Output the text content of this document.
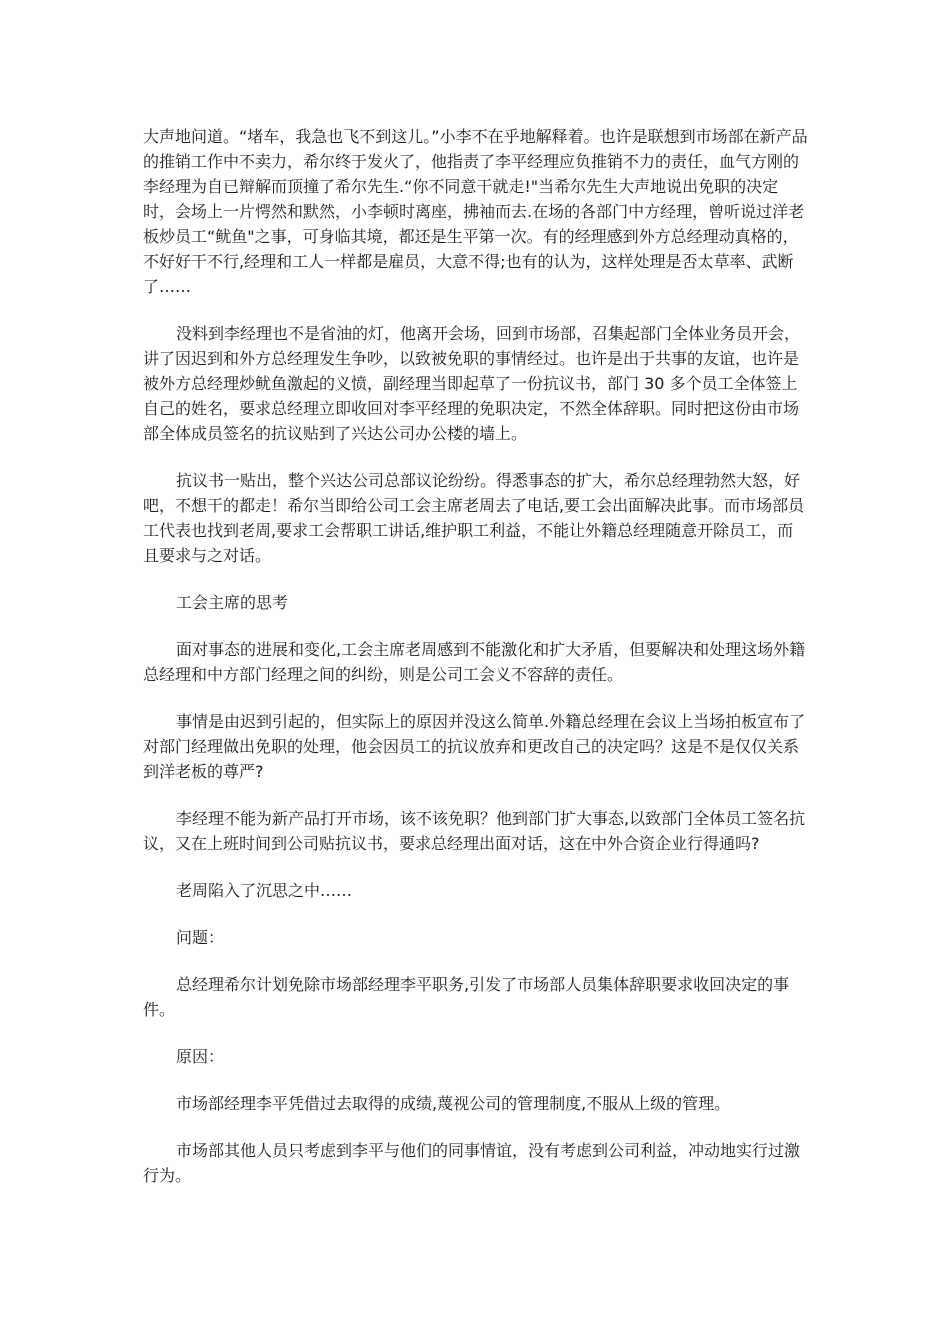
大声地问道。“堵车，我急也飞不到这儿。”小李不在乎地解释着。也许是联想到市场部在新产品的推销工作中不卖力，希尔终于发火了，他指责了李平经理应负推销不力的责任，血气方刚的李经理为自已辩解而顶撞了希尔先生.“你不同意干就走!"当希尔先生大声地说出免职的决定时，会场上一片愕然和默然，小李顿时离座，拂袖而去.在场的各部门中方经理，曾听说过洋老板炒员工“鱿鱼"之事，可身临其境，都还是生平第一次。有的经理感到外方总经理动真格的，不好好干不行,经理和工人一样都是雇员，大意不得;也有的认为，这样处理是否太草率、武断了……

没料到李经理也不是省油的灯，他离开会场，回到市场部，召集起部门全体业务员开会，讲了因迟到和外方总经理发生争吵，以致被免职的事情经过。也许是出于共事的友谊，也许是被外方总经理炒鱿鱼激起的义愤，副经理当即起草了一份抗议书，部门 30 多个员工全体签上自己的姓名，要求总经理立即收回对李平经理的免职决定，不然全体辞职。同时把这份由市场部全体成员签名的抗议贴到了兴达公司办公楼的墙上。

抗议书一贴出，整个兴达公司总部议论纷纷。得悉事态的扩大，希尔总经理勃然大怒，好吧，不想干的都走！希尔当即给公司工会主席老周去了电话,要工会出面解决此事。而市场部员工代表也找到老周,要求工会帮职工讲话,维护职工利益，不能让外籍总经理随意开除员工，而且要求与之对话。

工会主席的思考

面对事态的进展和变化,工会主席老周感到不能激化和扩大矛盾，但要解决和处理这场外籍总经理和中方部门经理之间的纠纷，则是公司工会义不容辞的责任。

事情是由迟到引起的，但实际上的原因并没这么简单.外籍总经理在会议上当场拍板宣布了对部门经理做出免职的处理，他会因员工的抗议放弃和更改自己的决定吗？这是不是仅仅关系到洋老板的尊严?

李经理不能为新产品打开市场，该不该免职？他到部门扩大事态,以致部门全体员工签名抗议，又在上班时间到公司贴抗议书，要求总经理出面对话，这在中外合资企业行得通吗?

老周陷入了沉思之中……

问题：

总经理希尔计划免除市场部经理李平职务,引发了市场部人员集体辞职要求收回决定的事件。

原因：

市场部经理李平凭借过去取得的成绩,蔑视公司的管理制度,不服从上级的管理。

市场部其他人员只考虑到李平与他们的同事情谊，没有考虑到公司利益，冲动地实行过激行为。
